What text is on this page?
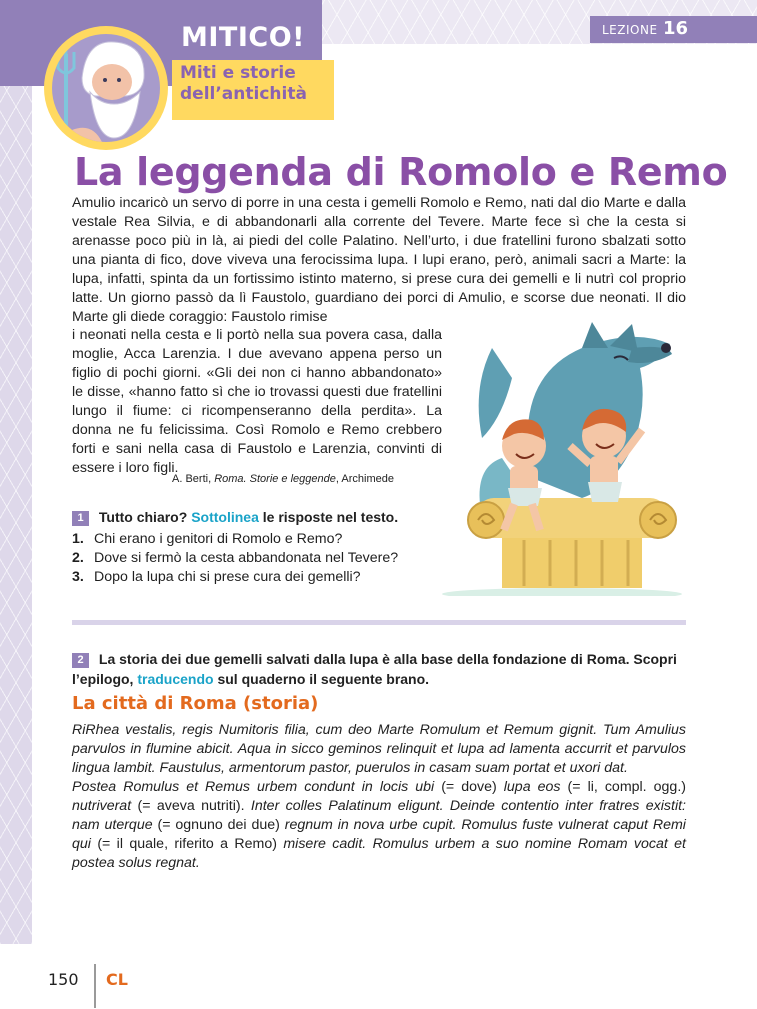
MITICO!
Miti e storie
dell’antichità
LEZIONE 16
La leggenda di Romolo e Remo
Amulio incaricò un servo di porre in una cesta i gemelli Romolo e Remo, nati dal dio Marte e dalla vestale Rea Silvia, e di abbandonarli alla corrente del Tevere. Marte fece sì che la cesta si arenasse poco più in là, ai piedi del colle Palatino. Nell’urto, i due fratellini furono sbalzati sotto una pianta di fico, dove viveva una ferocissima lupa. I lupi erano, però, animali sacri a Marte: la lupa, infatti, spinta da un fortissimo istinto materno, si prese cura dei gemelli e li nutrì col proprio latte. Un giorno passò da lì Faustolo, guardiano dei porci di Amulio, e scorse due neonati. Il dio Marte gli diede coraggio: Faustolo rimise
i neonati nella cesta e li portò nella sua povera casa, dalla moglie, Acca Larenzia. I due avevano appena perso un figlio di pochi giorni. «Gli dei non ci hanno abbandonato» le disse, «hanno fatto sì che io trovassi questi due fratellini lungo il fiume: ci ricompenseranno della perdita». La donna ne fu felicissima. Così Romolo e Remo crebbero forti e sani nella casa di Faustolo e Larenzia, convinti di essere i loro figli.
A. Berti, Roma. Storie e leggende, Archimede
1 Tutto chiaro? Sottolinea le risposte nel testo.
1. Chi erano i genitori di Romolo e Remo?
2. Dove si fermò la cesta abbandonata nel Tevere?
3. Dopo la lupa chi si prese cura dei gemelli?
2 La storia dei due gemelli salvati dalla lupa è alla base della fondazione di Roma. Scopri l’epilogo, traducendo sul quaderno il seguente brano.
La città di Roma (storia)

RiRhea vestalis, regis Numitoris filia, cum deo Marte Romulum et Remum gignit. Tum Amulius parvulos in flumine abicit. Aqua in sicco geminos relinquit et lupa ad lamenta accurrit et parvulos lingua lambit. Faustulus, armentorum pastor, puerulos in casam suam portat et uxori dat.

Postea Romulus et Remus urbem condunt in locis ubi (= dove) lupa eos (= li, compl. ogg.) nutriverat (= aveva nutriti). Inter colles Palatinum eligunt. Deinde contentio inter fratres existit: nam uterque (= ognuno dei due) regnum in nova urbe cupit. Romulus fuste vulnerat caput Remi qui (= il quale, riferito a Remo) misere cadit. Romulus urbem a suo nomine Romam vocat et postea solus regnat.

150 CL
